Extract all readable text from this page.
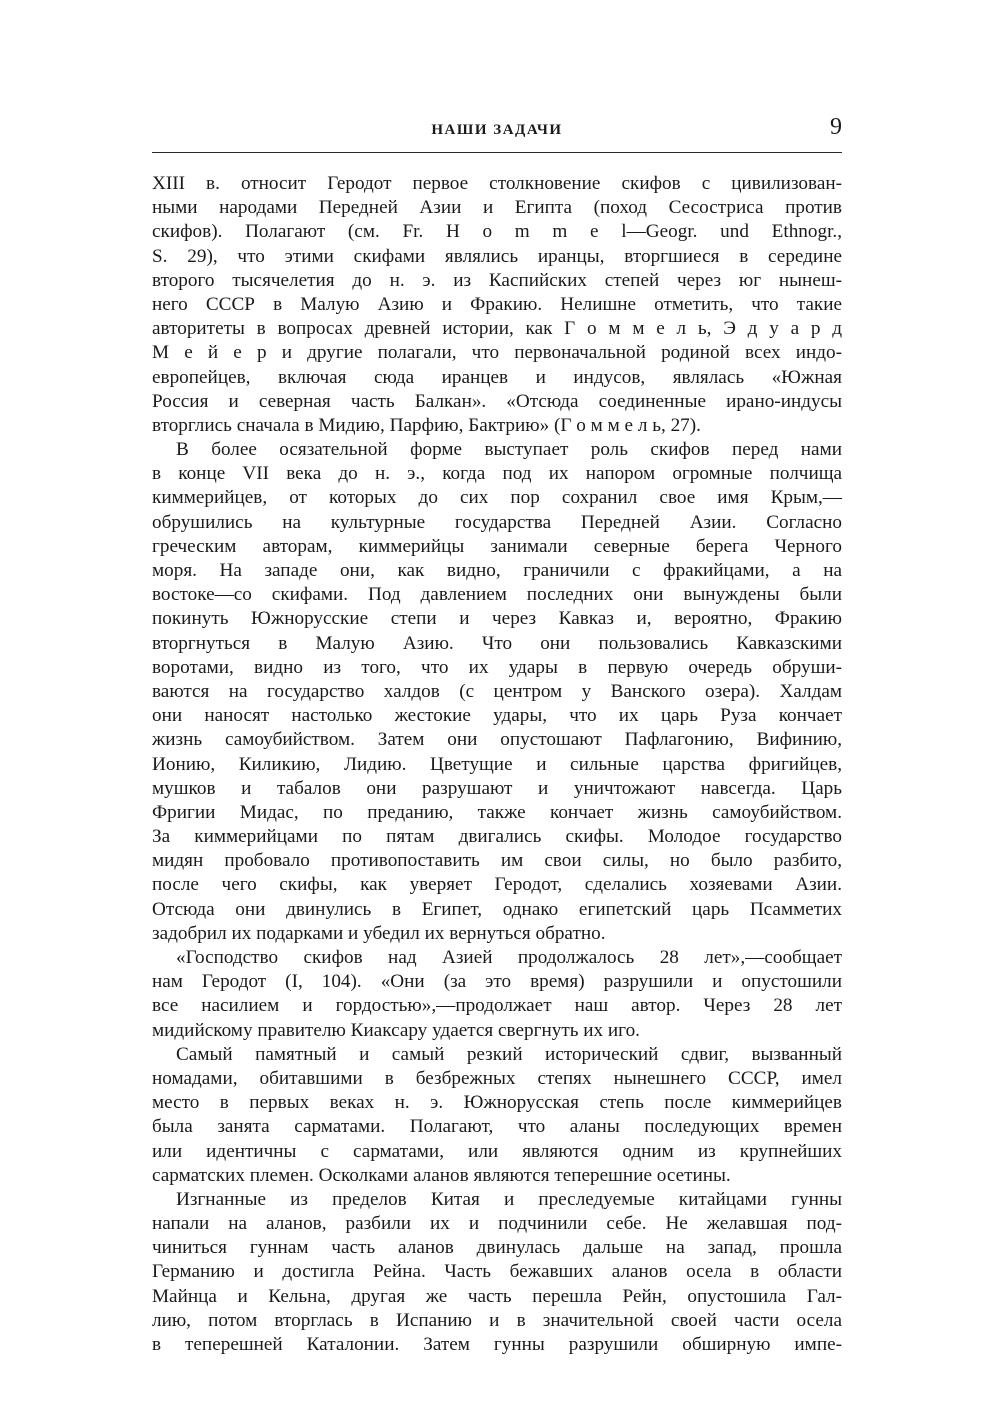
НАШИ ЗАДАЧИ	9
XIII в. относит Геродот первое столкновение скифов с цивилизован-
ными народами Передней Азии и Египта (поход Сесостриса против
скифов). Полагают (см. Fr. H o m m e l—Geogr. und Ethnogr.,
S. 29), что этими скифами являлись иранцы, вторгшиеся в середине
второго тысячелетия до н. э. из Каспийских степей через юг нынеш-
него СССР в Малую Азию и Фракию. Нелишне отметить, что такие
авторитеты в вопросах древней истории, как Г о м м е л ь, Э д у а р д
М е й е р и другие полагали, что первоначальной родиной всех индо-
европейцев, включая сюда иранцев и индусов, являлась «Южная
Россия и северная часть Балкан». «Отсюда соединенные ирано-индусы
вторглись сначала в Мидию, Парфию, Бактрию» (Г о м м е л ь, 27).
В более осязательной форме выступает роль скифов перед нами
в конце VII века до н. э., когда под их напором огромные полчища
киммерийцев, от которых до сих пор сохранил свое имя Крым,—
обрушились на культурные государства Передней Азии. Согласно
греческим авторам, киммерийцы занимали северные берега Черного
моря. На западе они, как видно, граничили с фракийцами, а на
востоке—со скифами. Под давлением последних они вынуждены были
покинуть Южнорусские степи и через Кавказ и, вероятно, Фракию
вторгнуться в Малую Азию. Что они пользовались Кавказскими
воротами, видно из того, что их удары в первую очередь обруши-
ваются на государство халдов (с центром у Ванского озера). Халдам
они наносят настолько жестокие удары, что их царь Руза кончает
жизнь самоубийством. Затем они опустошают Пафлагонию, Вифинию,
Ионию, Киликию, Лидию. Цветущие и сильные царства фригийцев,
мушков и табалов они разрушают и уничтожают навсегда. Царь
Фригии Мидас, по преданию, также кончает жизнь самоубийством.
За киммерийцами по пятам двигались скифы. Молодое государство
мидян пробовало противопоставить им свои силы, но было разбито,
после чего скифы, как уверяет Геродот, сделались хозяевами Азии.
Отсюда они двинулись в Египет, однако египетский царь Псамметих
задобрил их подарками и убедил их вернуться обратно.
«Господство скифов над Азией продолжалось 28 лет»,—сообщает
нам Геродот (I, 104). «Они (за это время) разрушили и опустошили
все насилием и гордостью»,—продолжает наш автор. Через 28 лет
мидийскому правителю Киаксару удается свергнуть их иго.
Самый памятный и самый резкий исторический сдвиг, вызванный
номадами, обитавшими в безбрежных степях нынешнего СССР, имел
место в первых веках н. э. Южнорусская степь после киммерийцев
была занята сарматами. Полагают, что аланы последующих времен
или идентичны с сарматами, или являются одним из крупнейших
сарматских племен. Осколками аланов являются теперешние осетины.
Изгнанные из пределов Китая и преследуемые китайцами гунны
напали на аланов, разбили их и подчинили себе. Не желавшая под-
чиниться гуннам часть аланов двинулась дальше на запад, прошла
Германию и достигла Рейна. Часть бежавших аланов осела в области
Майнца и Кельна, другая же часть перешла Рейн, опустошила Гал-
лию, потом вторглась в Испанию и в значительной своей части осела
в теперешней Каталонии. Затем гунны разрушили обширную импе-
